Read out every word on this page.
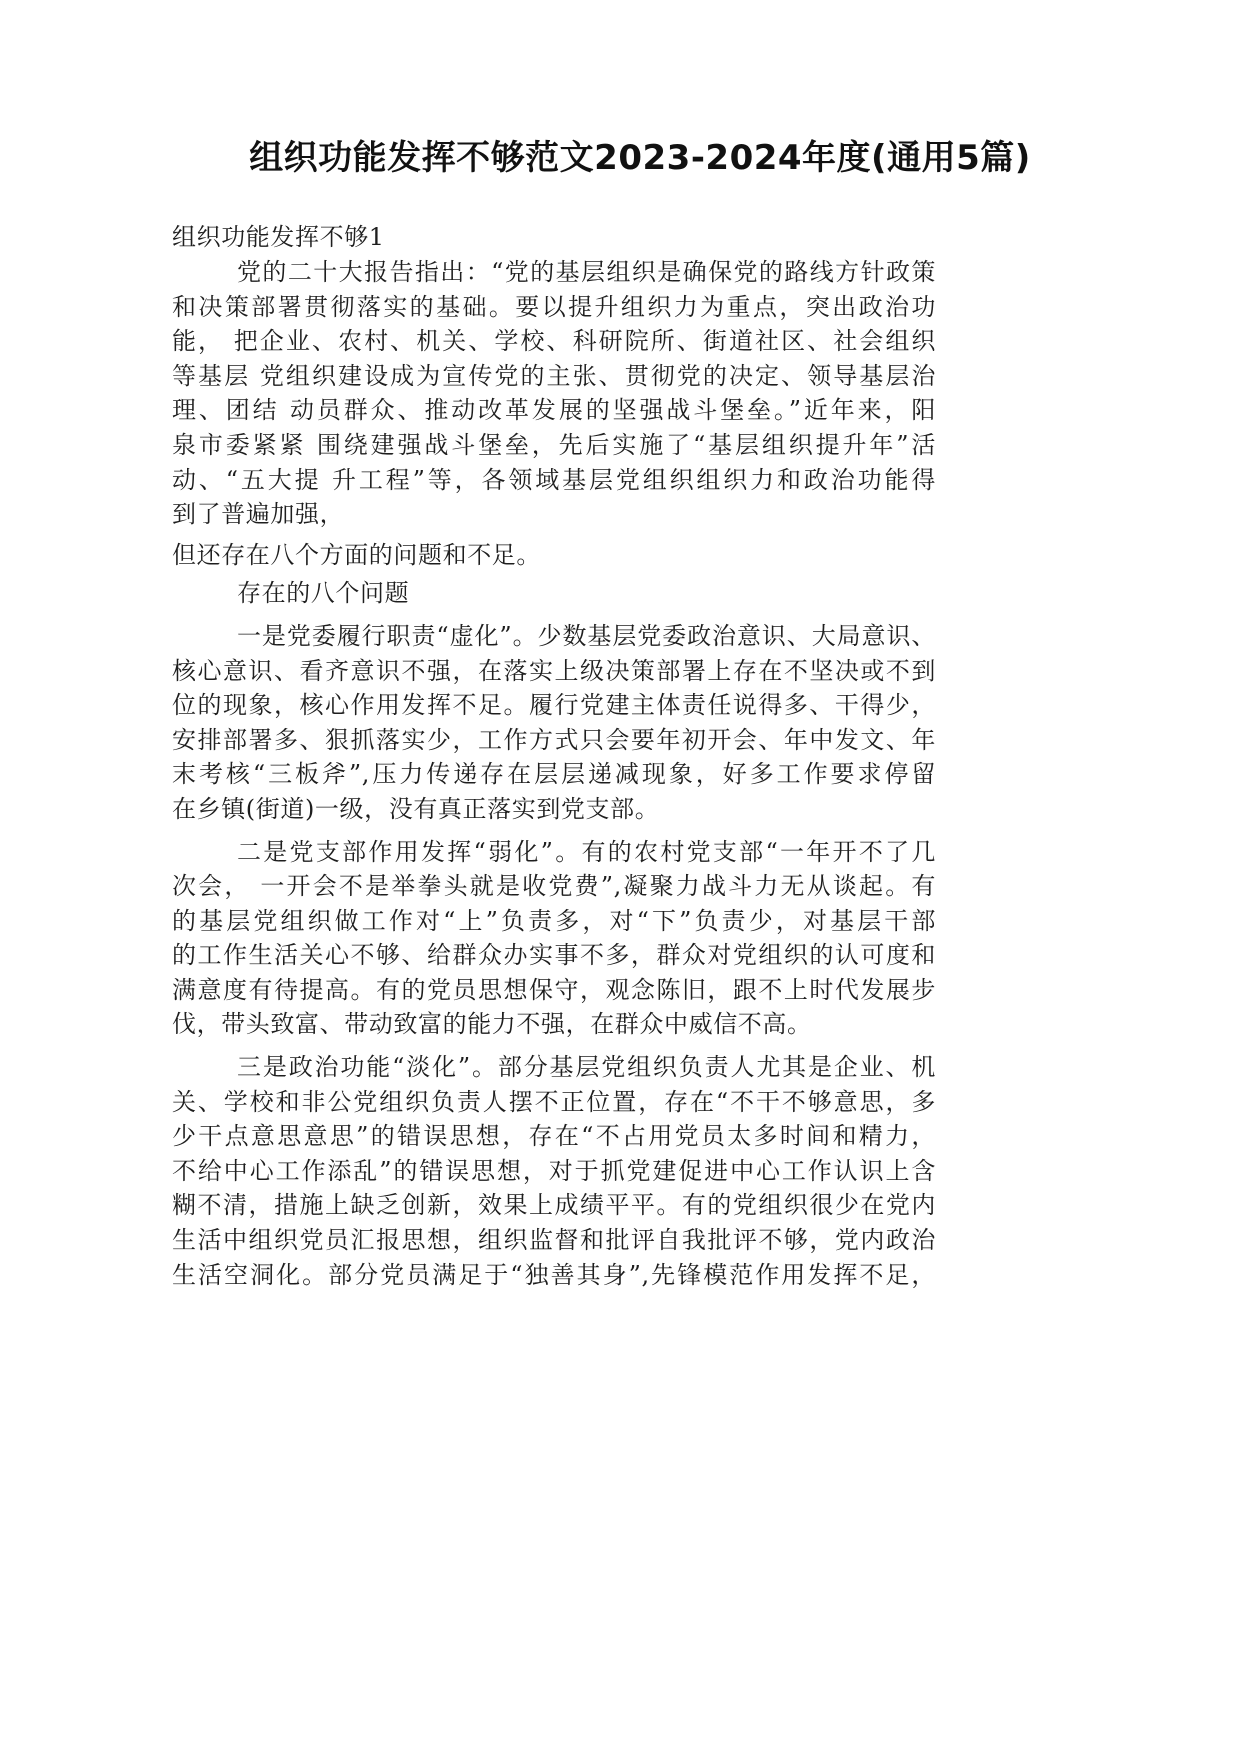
组织功能发挥不够范文2023-2024年度(通用5篇)
组织功能发挥不够1
党的二十大报告指出：“党的基层组织是确保党的路线方针政策
和决策部署贯彻落实的基础。要以提升组织力为重点，突出政治功
能， 把企业、农村、机关、学校、科研院所、街道社区、社会组织
等基层 党组织建设成为宣传党的主张、贯彻党的决定、领导基层治
理、团结 动员群众、推动改革发展的坚强战斗堡垒。”近年来，阳
泉市委紧紧 围绕建强战斗堡垒，先后实施了“基层组织提升年”活
动、“五大提 升工程”等，各领域基层党组织组织力和政治功能得
到了普遍加强，
但还存在八个方面的问题和不足。
存在的八个问题
一是党委履行职责“虚化”。少数基层党委政治意识、大局意识、
核心意识、看齐意识不强，在落实上级决策部署上存在不坚决或不到
位的现象，核心作用发挥不足。履行党建主体责任说得多、干得少，
安排部署多、狠抓落实少，工作方式只会要年初开会、年中发文、年
末考核“三板斧”,压力传递存在层层递减现象，好多工作要求停留
在乡镇(街道)一级，没有真正落实到党支部。
二是党支部作用发挥“弱化”。有的农村党支部“一年开不了几
次会， 一开会不是举拳头就是收党费”,凝聚力战斗力无从谈起。有
的基层党组织做工作对“上”负责多，对“下”负责少，对基层干部
的工作生活关心不够、给群众办实事不多，群众对党组织的认可度和
满意度有待提高。有的党员思想保守，观念陈旧，跟不上时代发展步
伐，带头致富、带动致富的能力不强，在群众中威信不高。
三是政治功能“淡化”。部分基层党组织负责人尤其是企业、机
关、学校和非公党组织负责人摆不正位置，存在“不干不够意思，多
少干点意思意思”的错误思想，存在“不占用党员太多时间和精力，
不给中心工作添乱”的错误思想，对于抓党建促进中心工作认识上含
糊不清，措施上缺乏创新，效果上成绩平平。有的党组织很少在党内
生活中组织党员汇报思想，组织监督和批评自我批评不够，党内政治
生活空洞化。部分党员满足于“独善其身”,先锋模范作用发挥不足，
